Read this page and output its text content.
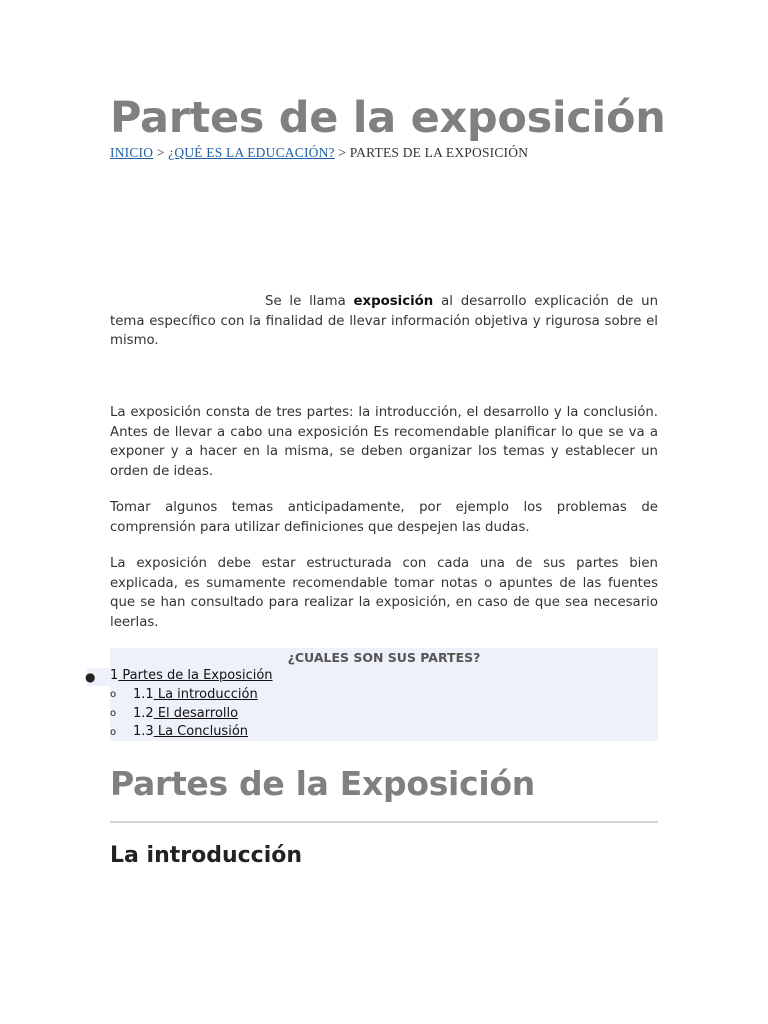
Partes de la exposición
INICIO > ¿QUÉ ES LA EDUCACIÓN? > PARTES DE LA EXPOSICIÓN

Se le llama exposición al desarrollo explicación de un tema específico con la finalidad de llevar información objetiva y rigurosa sobre el mismo.

La exposición consta de tres partes: la introducción, el desarrollo y la conclusión. Antes de llevar a cabo una exposición Es recomendable planificar lo que se va a exponer y a hacer en la misma, se deben organizar los temas y establecer un orden de ideas.

Tomar algunos temas anticipadamente, por ejemplo los problemas de comprensión para utilizar definiciones que despejen las dudas.

La exposición debe estar estructurada con cada una de sus partes bien explicada, es sumamente recomendable tomar notas o apuntes de las fuentes que se han consultado para realizar la exposición, en caso de que sea necesario leerlas.

¿CUALES SON SUS PARTES?
1 Partes de la Exposición
1.1 La introducción
1.2 El desarrollo
1.3 La Conclusión
Partes de la Exposición
La introducción
●
o
o
o
